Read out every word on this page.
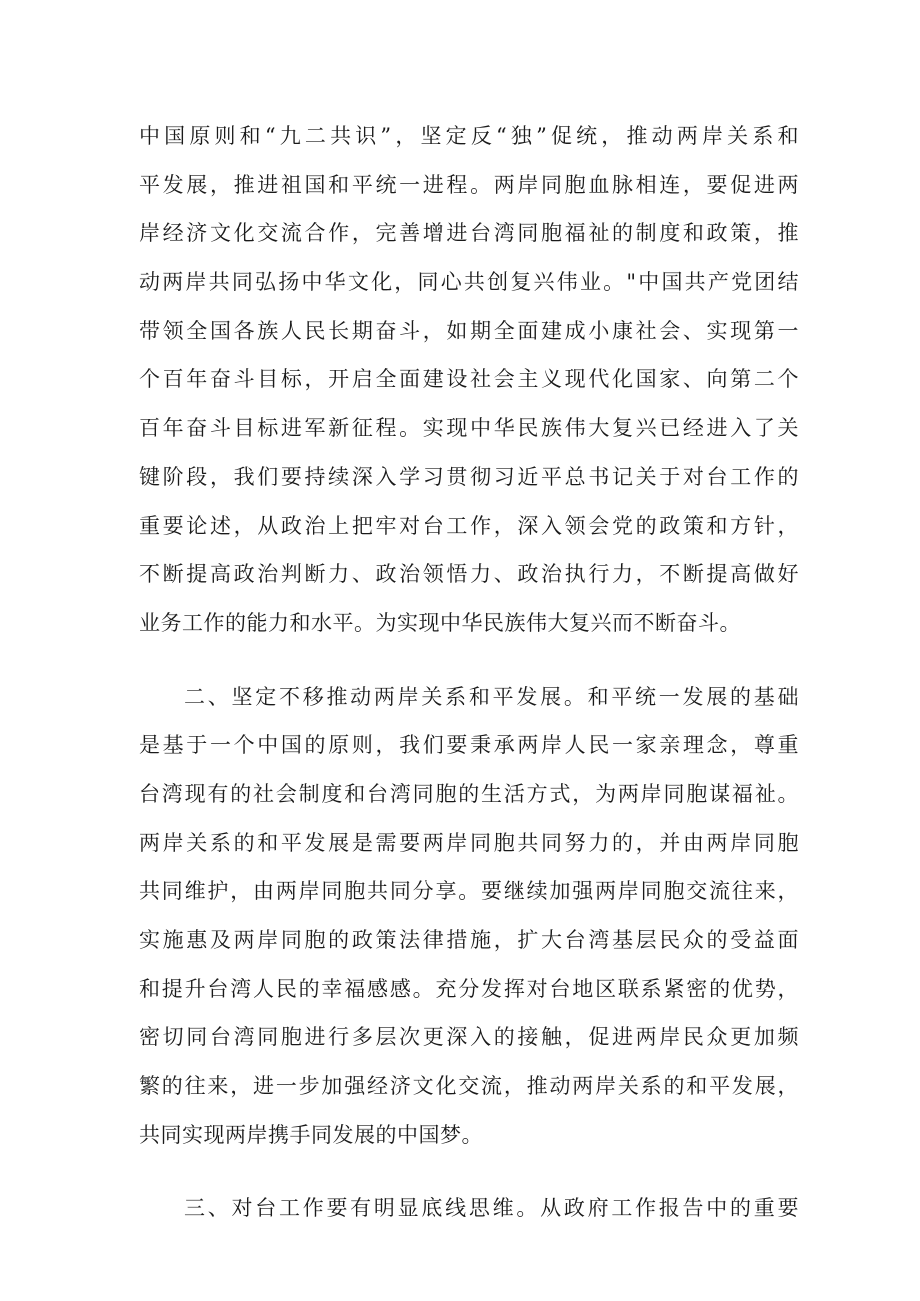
中国原则和“九二共识”，坚定反“独”促统，推动两岸关系和
平发展，推进祖国和平统一进程。两岸同胞血脉相连，要促进两
岸经济文化交流合作，完善增进台湾同胞福祉的制度和政策，推
动两岸共同弘扬中华文化，同心共创复兴伟业。"中国共产党团结
带领全国各族人民长期奋斗，如期全面建成小康社会、实现第一
个百年奋斗目标，开启全面建设社会主义现代化国家、向第二个
百年奋斗目标进军新征程。实现中华民族伟大复兴已经进入了关
键阶段，我们要持续深入学习贯彻习近平总书记关于对台工作的
重要论述，从政治上把牢对台工作，深入领会党的政策和方针，
不断提高政治判断力、政治领悟力、政治执行力，不断提高做好
业务工作的能力和水平。为实现中华民族伟大复兴而不断奋斗。
二、坚定不移推动两岸关系和平发展。和平统一发展的基础
是基于一个中国的原则，我们要秉承两岸人民一家亲理念，尊重
台湾现有的社会制度和台湾同胞的生活方式，为两岸同胞谋福祉。
两岸关系的和平发展是需要两岸同胞共同努力的，并由两岸同胞
共同维护，由两岸同胞共同分享。要继续加强两岸同胞交流往来，
实施惠及两岸同胞的政策法律措施，扩大台湾基层民众的受益面
和提升台湾人民的幸福感感。充分发挥对台地区联系紧密的优势，
密切同台湾同胞进行多层次更深入的接触，促进两岸民众更加频
繁的往来，进一步加强经济文化交流，推动两岸关系的和平发展，
共同实现两岸携手同发展的中国梦。
三、对台工作要有明显底线思维。从政府工作报告中的重要
